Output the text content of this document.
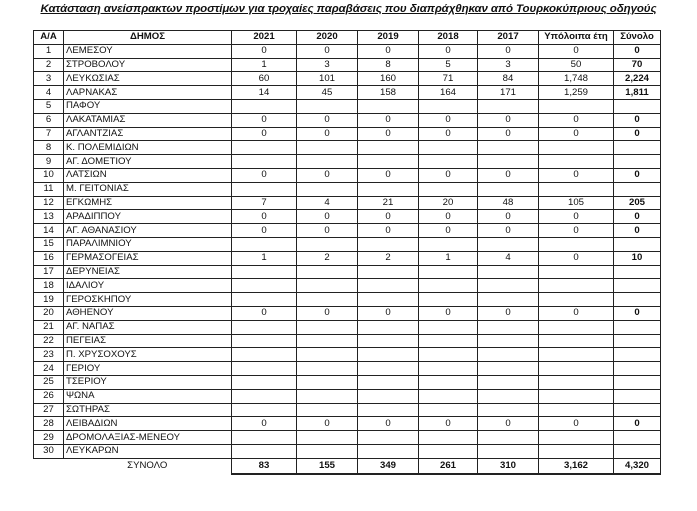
Κατάσταση ανείσπρακτων προστίμων για τροχαίες παραβάσεις που διαπράχθηκαν από Τουρκοκύπριους οδηγούς
Α/Α	ΔΗΜΟΣ	2021	2020	2019	2018	2017	Υπόλοιπα έτη	Σύνολο
1	ΛΕΜΕΣΟΥ	0	0	0	0	0	0	0
2	ΣΤΡΟΒΟΛΟΥ	1	3	8	5	3	50	70
3	ΛΕΥΚΩΣΙΑΣ	60	101	160	71	84	1,748	2,224
4	ΛΑΡΝΑΚΑΣ	14	45	158	164	171	1,259	1,811
5	ΠΑΦΟΥ							
6	ΛΑΚΑΤΑΜΙΑΣ	0	0	0	0	0	0	0
7	ΑΓΛΑΝΤΖΙΑΣ	0	0	0	0	0	0	0
8	Κ. ΠΟΛΕΜΙΔΙΩΝ							
9	ΑΓ. ΔΟΜΕΤΙΟΥ							
10	ΛΑΤΣΙΩΝ	0	0	0	0	0	0	0
11	Μ. ΓΕΙΤΟΝΙΑΣ							
12	ΕΓΚΩΜΗΣ	7	4	21	20	48	105	205
13	ΑΡΑΔΙΠΠΟΥ	0	0	0	0	0	0	0
14	ΑΓ. ΑΘΑΝΑΣΙΟΥ	0	0	0	0	0	0	0
15	ΠΑΡΑΛΙΜΝΙΟΥ							
16	ΓΕΡΜΑΣΟΓΕΙΑΣ	1	2	2	1	4	0	10
17	ΔΕΡΥΝΕΙΑΣ							
18	ΙΔΑΛΙΟΥ							
19	ΓΕΡΟΣΚΗΠΟΥ							
20	ΑΘΗΕΝΟΥ	0	0	0	0	0	0	0
21	ΑΓ. ΝΑΠΑΣ							
22	ΠΕΓΕΙΑΣ							
23	Π. ΧΡΥΣΟΧΟΥΣ							
24	ΓΕΡΙΟΥ							
25	ΤΣΕΡΙΟΥ							
26	ΨΩΝΑ							
27	ΣΩΤΗΡΑΣ							
28	ΛΕΙΒΑΔΙΩΝ	0	0	0	0	0	0	0
29	ΔΡΟΜΟΛΑΞΙΑΣ-ΜΕΝΕΟΥ							
30	ΛΕΥΚΑΡΩΝ							
	ΣΥΝΟΛΟ	83	155	349	261	310	3,162	4,320
